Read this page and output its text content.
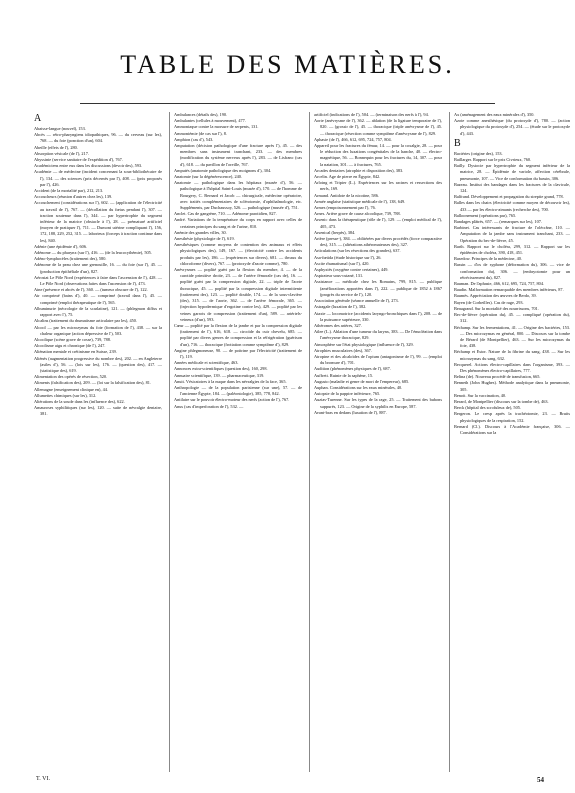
TABLE DES MATIÈRES.

A

Abaisse-langue (nouvel), 153.

Abcès — rétro-pharyngiens idiopathiques, 96. — du cerveau (sur les), 768. — du foie (ponction d'un), 604.

Abeille (effets de l'), 280.

Absorption vésicale (de l'), 217.

Abyssinie (service sanitaire de l'expédition d'), 767.

Académiciens entre eux dans les discussions (devoir des), 593.

Académie — de médecine (incident concernant la sous-bibliothécaire de l'), 134. — des sciences (prix décernés par l'), 408. — (prix proposés par l'), 426.

Accident (de la mortalité par), 212, 213.

Accoucheurs (réunion d'autres chez les), 139.

Accouchement (considérations sur l'), 602. — (application de l'électricité au travail de l'), 767. — (décollation du fœtus pendant l'), 307. — traction soutenue dans l'), 344. — par hypertrophie du segment inférieur de la matrice (obstacle à l'), 28. — prématuré artificiel (moyen de pratiquer l'), 711. — Dumont utérine compliquant l'), 156, 172, 188, 229, 252, 315. — laborieux (forceps à traction continue dans les), 840.

Adénie (une épidémie d'), 606.

Adénome — du pharynx (sur l'), 416. — (de la leucocythémie), 505.

Adéno-lymphocèles (traitement des), 580.

Adénome de la peau chez une grenouille, 16. — du foie (sur l'), 45. — (production épithéliale d'un), 827.

Aérostat Le Pôle Nord (expériences à faire dans l'ascension de l'), 428. — Le Pôle Nord (observations faites dans l'ascension de l'), 473.

Aine (présence et abcès de l'), 360. — (tumeur obscure de l'), 122.

Air comprimé (bains d'), 40. — comprimé (travail dans l'), 45. — comprimé (emploi thérapeutique de l'), 565.

Albuminurie (nécrologie de la scarlatine), 121. — (phlegmon diffus et rapport avec l'), 75.

Alcalins (traitement du rhumatisme articulaire par les), 450.

Alcool — par les microzymas du foie (formation de l'), 438. — sur la chaleur organique (action dépressive de l'), 503.

Alcoolique (scène grave de cosse), 739, 788.

Alcoolisme aigu et chronique (de l'), 247.

Aliénation mentale et crétinisme en Suisse, 239.

Aliénés (augmentation progressive du nombre des), 202. — en Angleterre (asiles d'), 56. — (lois sur les), 176. — (question des), 417. — (statistique des), 619.

Alimentation des opérés de résection, 520.

Aliments (falsification des), 209. — (loi sur la falsification des), 81.

Allemagne (enseignement clinique en), 44.

Allumettes chimiques (sur les), 312.

Altérations de la soude dans les (influence des), 622.

Amauroses syphilitiques (sur les), 120. — suite de névralgie dentaire, 381.

Ambulances (détails des), 190.

Ambulantes (cellules à mouvement), 477.

Ammoniaque contre la morsure de serpents, 131.

Ammoniémie (de cas sur l'), 8.

Amphion (cas d'), 543.

Amputation (décision pathologique d'une fracture après l'), 45. — des membres sans instrument tranchant, 233. — des membres (modification du système nerveux après l'), 283. — de Lisfranc (cas d'), 618. — du pavillon de l'oreille, 767.

Amputés (anatomie pathologique des moignons d'), 304.

Anatomie (sur la dégénérescence), 240.

Anatomie — pathologique dans les hôpitaux (musée d'), 56. — pathologique à l'hôpital Saint-Louis (musée d'), 170. — de l'homme de Bourgery, C. Bernard et Jacob — chirurgicale, médecine opératoire, avec traités complémentaires de sclérotomie, d'ophthalmologie, etc. Suppléments, par Duchaussoy, 526. — pathologique (musée d'), 751.

Anclet. Cas de gangrène, 710. — Adénome parotidien, 827.

André. Variations de la température du corps en rapport avec celles de certaines principes du sang et de l'urine, 810.

Anémie des grandes villes, 30.

Anesthésie (physiologie de l'), 619.

Anesthésiques (comme moyens de contention des animaux et effets physiologiques des), 149, 167. — (électricité contre les accidents produits par les), 186. — (expériences sur divers), 681. — thvaux du chloroforme (divers), 767. — (protoxyde d'azote comme), 780.

Anévrysmes — poplité guéri par la flexion du membre, 4. — de la carotide primitive droite, 23. — de l'artère fémorale (cas de), 16. — poplité guéri par la compression digitale, 22. — triple de l'aorte thoracique, 45. — poplité par la compression digitale intermittente (traitement des), 123. — poplité double, 174. — de la sous-clavière (des), 315. — de l'aorte, 362. — de l'artère fémorale, 365. — (injection hypodermique d'ergotine contre les), 429. — poplité par les veines garrots de compression (traitement d'un), 589. — artériels-veineux (d'un), 593.

Cœur — poplité par la flexion de la jambe et par la compression digitale (traitement de l'), 616, 618. — circoïde du cuir chevelu, 685. — poplité par divers genres de compression et la réfrigération (guérison d'un), 716. — thoracique (frottation comme symptôme d'), 829.

Angine phlegmoneuse, 90. — de poitrine par l'électricité (traitement de l'), 119.

Années médicale et scientifique, 463.

Annonces extra-scientifiques (question des), 160, 298.

Annuaire scientifique, 139. — pharmaceutique, 319.

Anuit. Vésicatoires à la nuque dans les névralgies de la face, 365.

Anthropologie — de la population parisienne (sur une), 57. — de l'ancienne Égypte, 184. — (paléontologie), 385, 778, 842.

Antilaire sur le pouvoir électro-moteur des nerfs (action de l'), 767.

Anus (cas d'imperforation de l'), 532. —

artificiel (indications de l'), 504. — (terminaison des nerfs à l'), 94.

Aorte (anévrysme de l'), 362. — ablation (de la ligature temporaire de l'), 820. — (grossir de l'), 45. — thoracique (triple anévrysme de l'), 45. — thoracique (résection comme symptôme d'anévrysme de l'), 829.

Aphasie (de l'), 466, 612, 695, 724, 757, 804.

Appareil pour les fractures du fémur, 14. — pour la coxalgie, 28. — pour le réduction des luxations congénitales de la hanche, 40. — électro-magnétique, 56. — Bonnequin pour les fractures du, 14, 307. — pour la natation, 301. — à fractures, 765.

Arcades dentaires (atrophie et disposition des), 383.

Arcelin. Age de pierre en Égypte, 842.

Arloing et Tripier (L.). Expériences sur les racines et ressections des nerfs, 169.

Armand. Antidote de la nicotine, 586.

Armée anglaise (statistique médicale de l'), 138, 649.

Armes (empoisonnement par l'), 76.

Arnes. Artère grave de cause alcoolique, 739, 788.

Arsenic dans la thérapeutique (rôle de l'), 129. — (emploi médical de l'), 405, 473.

Arsenical (herpès), 384.

Artère (presse-), 384. — oblitérées par divers procédés (force comparative des), 315. — (altérations athéromateuses des), 327.

Articulations (sur les résections des grandes), 637.

Asa-fœtida (étude historique sur l'), 26.

Ascite rhumatismal (sur l'), 420.

Asphyxiés (oxygène contre certaines), 449.

Aspirateur sous-cutané, 131.

Assistance — médicale chez les Romains, 799, 815. — publique (améliorations apportées dans l'), 222. — publique de 1852 à 1867 (progrès du service de l'), 120.

Association générale (séance annuelle de l'), 273.

Astragale (luxation de l'), 382.

Ataxie — locomotrice (accidents laryngo-bronchiques dans l'), 208. — de la puissance supérieure, 330.

Athéromes des artères, 327.

Atlee (L.). Ablation d'une tumeur du larynx, 383. — De l'énucléation dans l'anévrysme thoracique, 829.

Atmosphère sur l'état physiologique (influence de l'), 329.

Atrophies musculaires (des), 367.

Atropine et des alcaloïdes de l'opium (antagonisme de l'), 99. — (emploi du bromure d'), 701.

Audition (phénomènes physiques de l'), 687.

Auffrett. Ruinie de la saphène, 15.

Augusto (maladie et genre de mort de l'empereur), 685.

Auphan. Considérations sur les eaux minérales, 40.

Autopsie de la pappire inférieure, 765.

Auzias-Turenne. Sur les types de la rage, 25. — Traitement des bubons suppurés, 123. — Origine de la syphilis en Europe, 587.

Avant-bras en dedans (luxation de l'), 887.

Ax (aménagement des eaux minérales d'), 350.

Azote comme anesthésique (du protoxyde d'), 780. — (action physiologique du protoxyde d'), 254. — (étude sur le protoxyde d'), 443.

B

Bactéries (origine des), 153.

Baillarger. Rapport sur le prix Civrieux, 760.

Bailly. Dystocie par hypertrophie du segment inférieur de la matrice, 28. — Épidémie de variole, affection cérébrale, pneumonie, 107. — Vice de conformation du bassin, 306.

Bazeau. Institut des bandages dans les fractures de la clavicule, 124.

Balfrand. Développement et propagation du streptie grand, 778.

Balles dans les chairs (électricité comme moyen de découvrir les), 433 — par les électro-aimants (recherche des), 700.

Balloonement (opérations par), 765.

Bandages plâtrés, 657. — (remarques sur les), 107.

Barbinet. Cas intéressants de fracture de l'olécrâne, 110. — Amputation de la jambe sans instrument tranchant, 233. — Opération du bec-de-lièvre, 45.

Barth. Rapport sur le choléra, 299, 312. — Rapport sur les épidémies de choléra, 390, 418, 451.

Basedow. Principes de la médecine, 40.

Bassin — d'os de syphone (déformation du), 306. — vice de conformation du), 306. — (embryotomie pour un rétrécissement du), 827.

Bauman. De l'aphasie, 466, 612, 695, 724, 757, 804.

Baudin. Malformation remarquable des membres inférieurs, 87.

Baumès. Appréciation des œuvres de Berdo, 39.

Bayen (de Corbeilles). Cas de rage, 293.

Beaugrand. Sur la mortalité des nourrissons, 701.

Bec-de-lièvre (opération du), 45. — compliqué (opération du), 312.

Béchamp. Sur les fermentations, 41. — Origine des bactéries, 153. — Des microzymas en général, 800. — Discours sur la tombe de Bérard (de Montpellier), 463. — Sur les microzymas du foie, 438.

Béchamp et Estor. Nature de la fibrine du sang, 438. — Sur les microzymas du sang, 632.

Becquerel. Actions électro-capillaires dans l'organisme, 393. — Des phénomènes électro-capillaires, 777.

Belina (de). Nouveau procédé de transfusion, 665.

Benneth (John Hughes). Méthode analytique dans la pneumonie, 305.

Benoit. Sur la vaccination, 40.

Berard, de Montpellier (discours sur la tombe de), 463.

Berck (hôpital des scrofuleux de), 505.

Bergeron. Le cresp après la trachéotomie, 23. — Bruits physiologiques de la respiration, 152.

Bernard (Cl.). Discours à l'Académie française, 306. — Considérations sur la

T. VI.	54
